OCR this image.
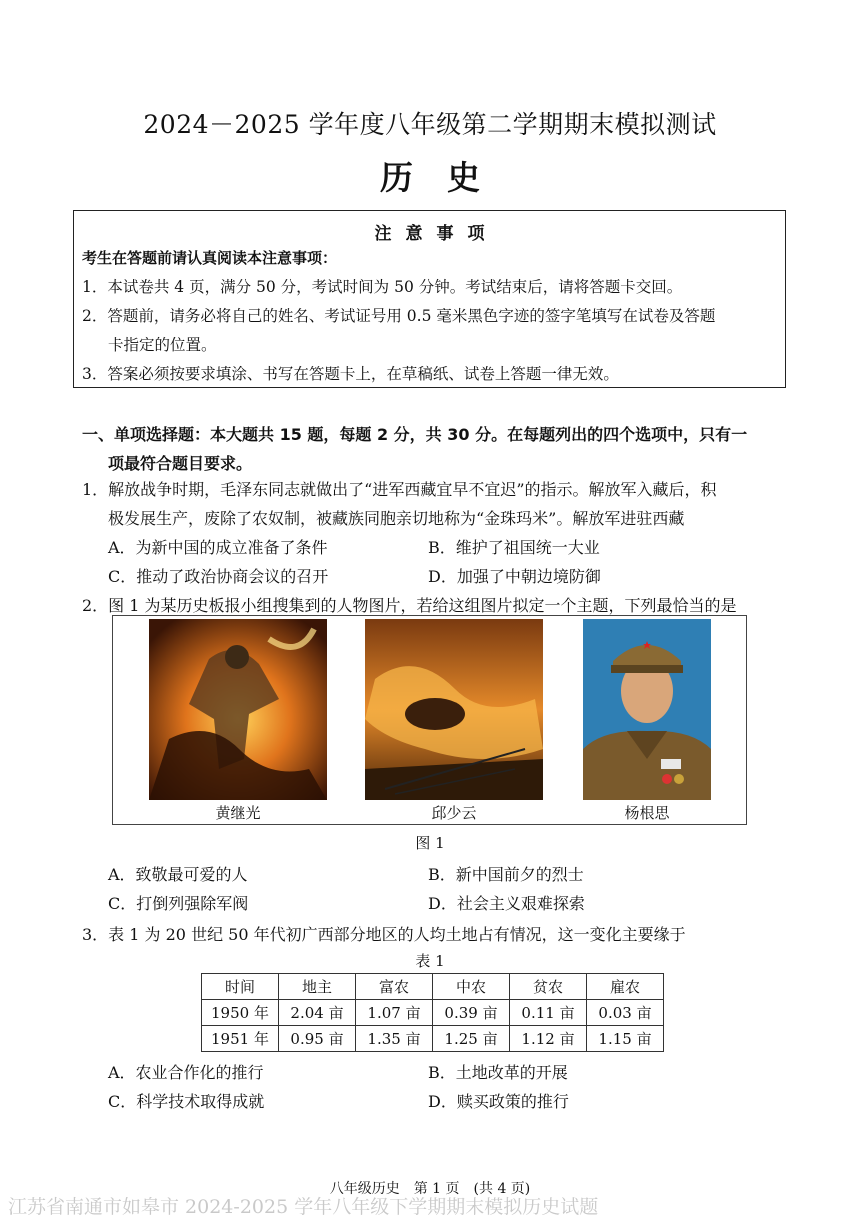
2024－2025 学年度八年级第二学期期末模拟测试
历史
注意事项
考生在答题前请认真阅读本注意事项：
1．本试卷共 4 页，满分 50 分，考试时间为 50 分钟。考试结束后，请将答题卡交回。
2．答题前，请务必将自己的姓名、考试证号用 0.5 毫米黑色字迹的签字笔填写在试卷及答题
卡指定的位置。
3．答案必须按要求填涂、书写在答题卡上，在草稿纸、试卷上答题一律无效。
一、单项选择题：本大题共 15 题，每题 2 分，共 30 分。在每题列出的四个选项中，只有一
项最符合题目要求。
1．解放战争时期，毛泽东同志就做出了“进军西藏宜早不宜迟”的指示。解放军入藏后，积
极发展生产，废除了农奴制，被藏族同胞亲切地称为“金珠玛米”。解放军进驻西藏
A．为新中国的成立准备了条件	B．维护了祖国统一大业
C．推动了政治协商会议的召开	D．加强了中朝边境防御
2．图 1 为某历史板报小组搜集到的人物图片，若给这组图片拟定一个主题，下列最恰当的是
黄继光	邱少云	杨根思
图 1
A．致敬最可爱的人	B．新中国前夕的烈士
C．打倒列强除军阀	D．社会主义艰难探索
3．表 1 为 20 世纪 50 年代初广西部分地区的人均土地占有情况，这一变化主要缘于
表 1
时间	地主	富农	中农	贫农	雇农
1950 年	2.04 亩	1.07 亩	0.39 亩	0.11 亩	0.03 亩
1951 年	0.95 亩	1.35 亩	1.25 亩	1.12 亩	1.15 亩
A．农业合作化的推行	B．土地改革的开展
C．科学技术取得成就	D．赎买政策的推行
八年级历史　第 1 页　(共 4 页)
江苏省南通市如皋市 2024-2025 学年八年级下学期期末模拟历史试题
